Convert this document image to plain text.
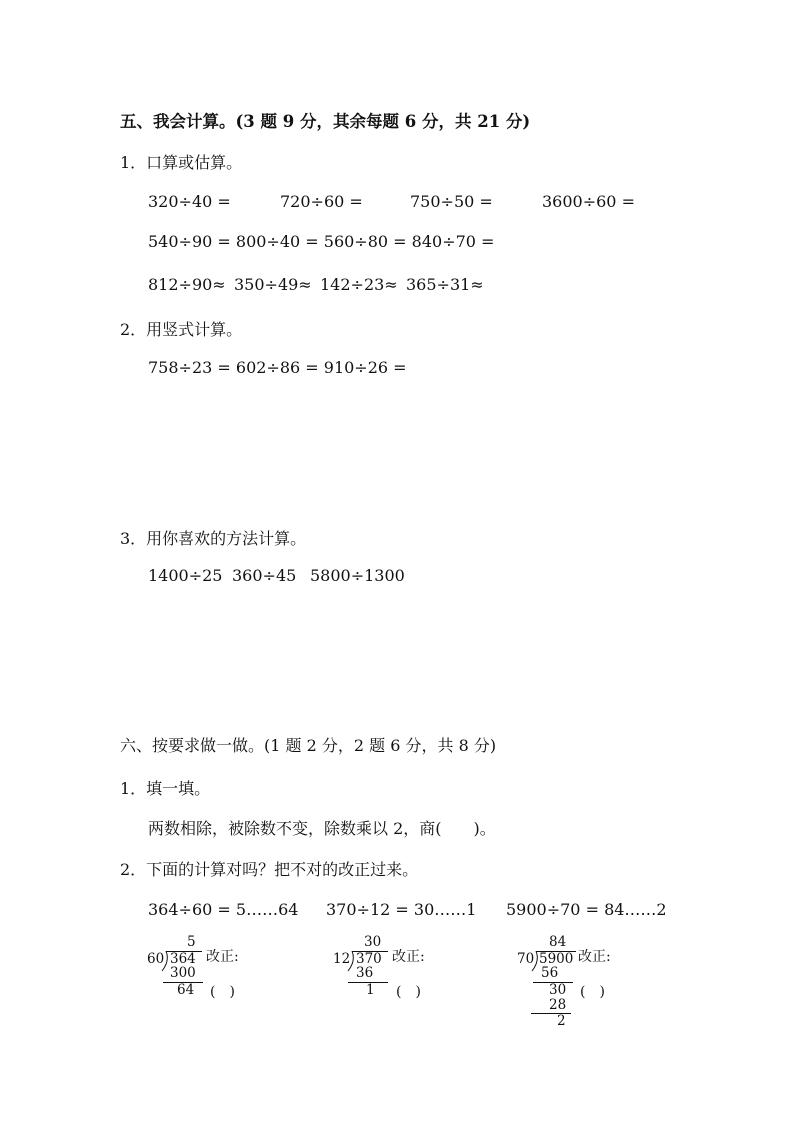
五、我会计算。(3 题 9 分，其余每题 6 分，共 21 分)
1．口算或估算。
320÷40 =	720÷60 =	750÷50 =	3600÷60 =
540÷90 = 800÷40 = 560÷80 = 840÷70 =
812÷90≈ 350÷49≈ 142÷23≈ 365÷31≈
2．用竖式计算。
758÷23 = 602÷86 = 910÷26 =
3．用你喜欢的方法计算。
1400÷25 360÷45 5800÷1300
六、按要求做一做。(1 题 2 分，2 题 6 分，共 8 分)
1．填一填。
两数相除，被除数不变，除数乘以 2，商(　　)。
2．下面的计算对吗？把不对的改正过来。
364÷60 = 5……64 370÷12 = 30……1 5900÷70 = 84……2
5
60 364
300
64
改正:
(　)
30
12 370
36
1
改正:
(　)
84
70 5900
56
30
28
2
改正:
(　)
